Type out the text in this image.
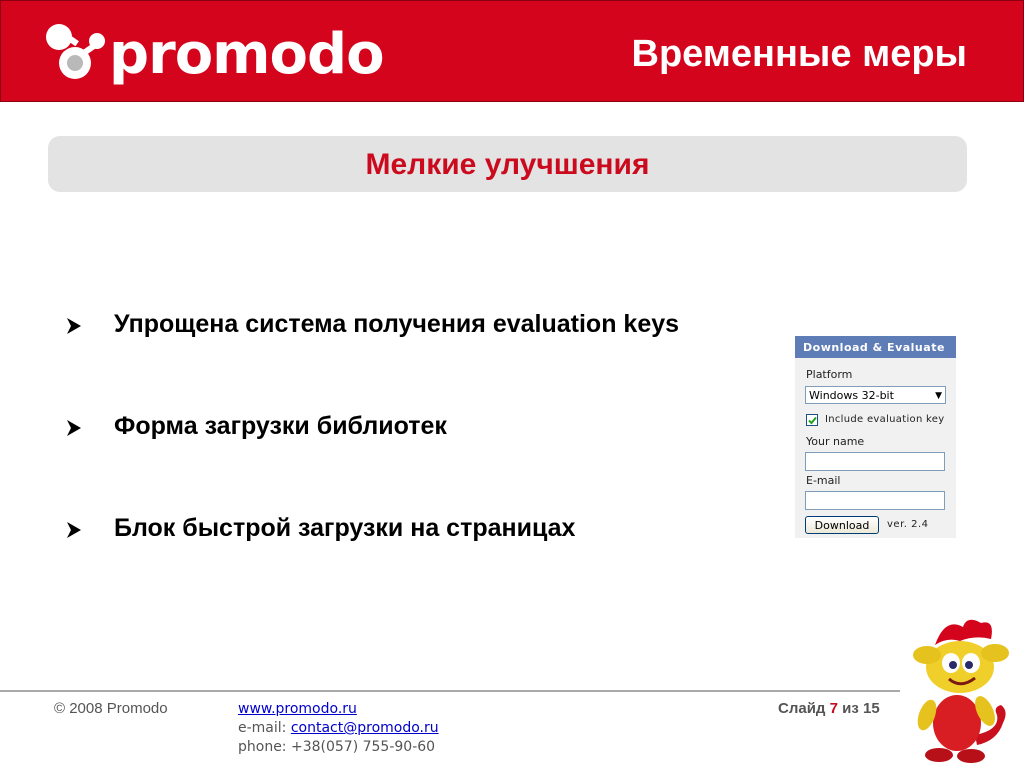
promodo	Временные меры
Мелкие улучшения
Упрощена система получения evaluation keys
Форма загрузки библиотек
Блок быстрой загрузки на страницах
Download & Evaluate
Platform
Windows 32-bit	▼
Include evaluation key
Your name
E-mail
Download	ver. 2.4
© 2008 Promodo	www.promodo.ru
e-mail: contact@promodo.ru
phone: +38(057) 755-90-60
Слайд 7 из 15
